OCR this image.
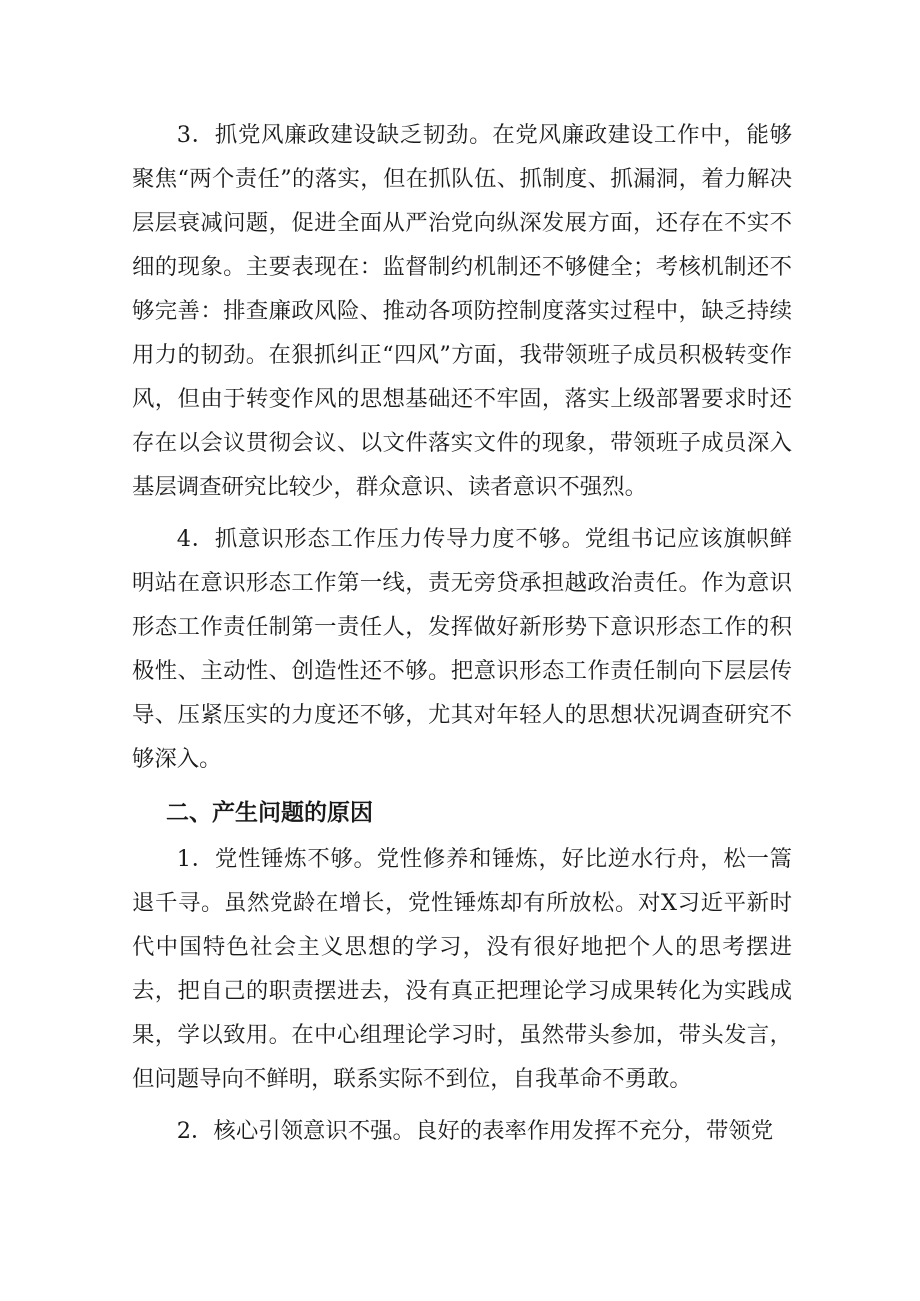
3．抓党风廉政建设缺乏韧劲。在党风廉政建设工作中，能够聚焦“两个责任”的落实，但在抓队伍、抓制度、抓漏洞，着力解决层层衰减问题，促进全面从严治党向纵深发展方面，还存在不实不细的现象。主要表现在：监督制约机制还不够健全；考核机制还不够完善：排查廉政风险、推动各项防控制度落实过程中，缺乏持续用力的韧劲。在狠抓纠正“四风”方面，我带领班子成员积极转变作风，但由于转变作风的思想基础还不牢固，落实上级部署要求时还存在以会议贯彻会议、以文件落实文件的现象，带领班子成员深入基层调查研究比较少，群众意识、读者意识不强烈。

4．抓意识形态工作压力传导力度不够。党组书记应该旗帜鲜明站在意识形态工作第一线，责无旁贷承担越政治责任。作为意识形态工作责任制第一责任人，发挥做好新形势下意识形态工作的积极性、主动性、创造性还不够。把意识形态工作责任制向下层层传导、压紧压实的力度还不够，尤其对年轻人的思想状况调查研究不够深入。

二、产生问题的原因

1．党性锤炼不够。党性修养和锤炼，好比逆水行舟，松一篙退千寻。虽然党龄在增长，党性锤炼却有所放松。对X习近平新时代中国特色社会主义思想的学习，没有很好地把个人的思考摆进去，把自己的职责摆进去，没有真正把理论学习成果转化为实践成果，学以致用。在中心组理论学习时，虽然带头参加，带头发言，但问题导向不鲜明，联系实际不到位，自我革命不勇敢。

2．核心引领意识不强。良好的表率作用发挥不充分，带领党
